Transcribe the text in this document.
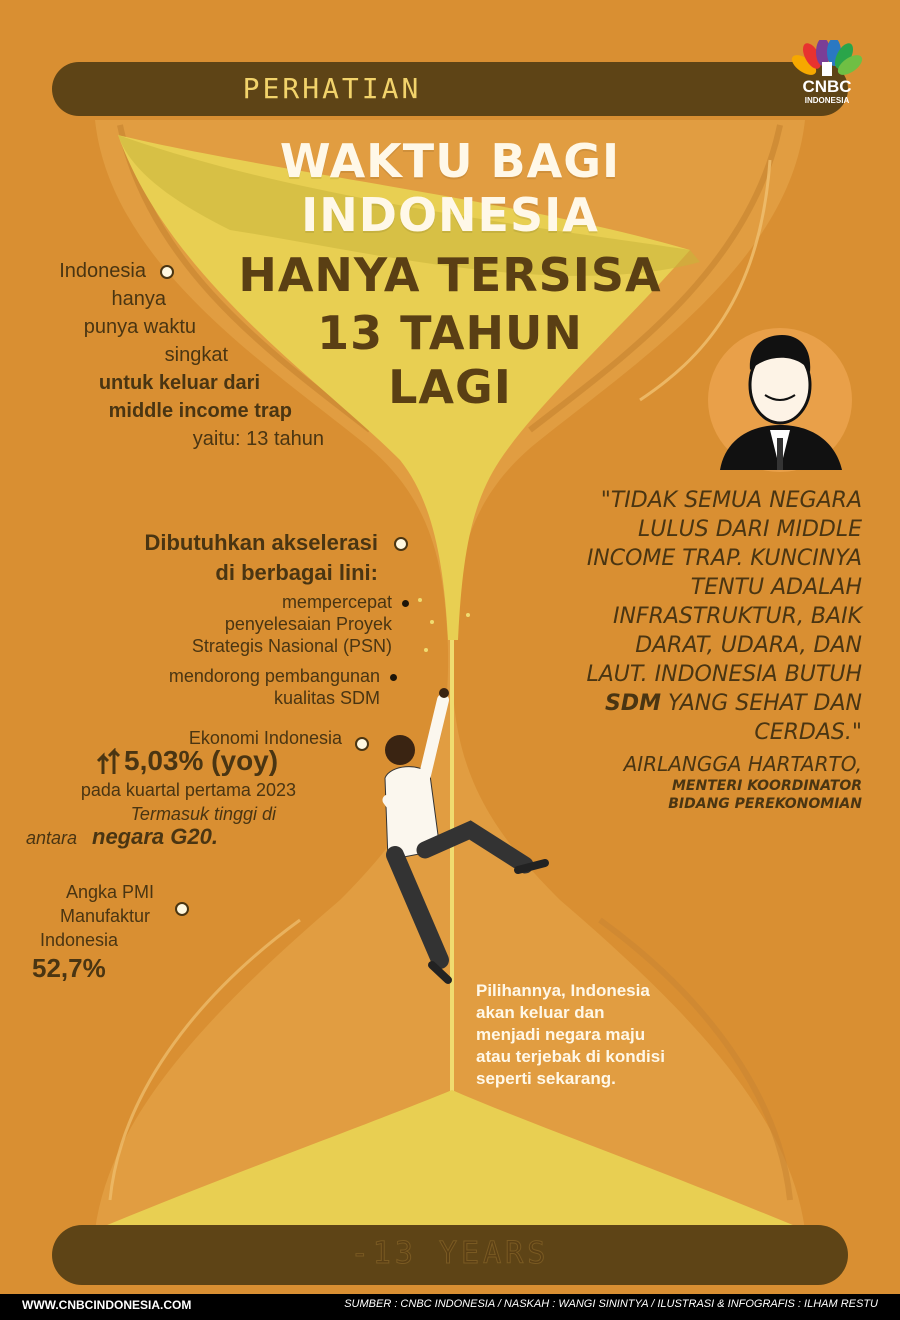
PERHATIAN	CNBC
INDONESIA
WAKTU BAGI
INDONESIA
HANYA TERSISA
13 TAHUN
LAGI
Indonesia
hanya
punya waktu
singkat
untuk keluar dari
middle income trap
yaitu: 13 tahun
Dibutuhkan akselerasi
di berbagai lini:
mempercepat
penyelesaian Proyek
Strategis Nasional (PSN)
mendorong pembangunan
kualitas SDM
Ekonomi Indonesia
5,03% (yoy)
pada kuartal pertama 2023
Termasuk tinggi di
antara negara G20.
Angka PMI
Manufaktur
Indonesia
52,7%
"TIDAK SEMUA NEGARA
LULUS DARI MIDDLE
INCOME TRAP. KUNCINYA
TENTU ADALAH
INFRASTRUKTUR, BAIK
DARAT, UDARA, DAN
LAUT. INDONESIA BUTUH
SDM YANG SEHAT DAN
CERDAS."
AIRLANGGA HARTARTO,
MENTERI KOORDINATOR
BIDANG PEREKONOMIAN
Pilihannya, Indonesia
akan keluar dan
menjadi negara maju
atau terjebak di kondisi
seperti sekarang.
-13 YEARS
WWW.CNBCINDONESIA.COM	SUMBER : CNBC INDONESIA / NASKAH : WANGI SININTYA / ILUSTRASI & INFOGRAFIS : ILHAM RESTU
